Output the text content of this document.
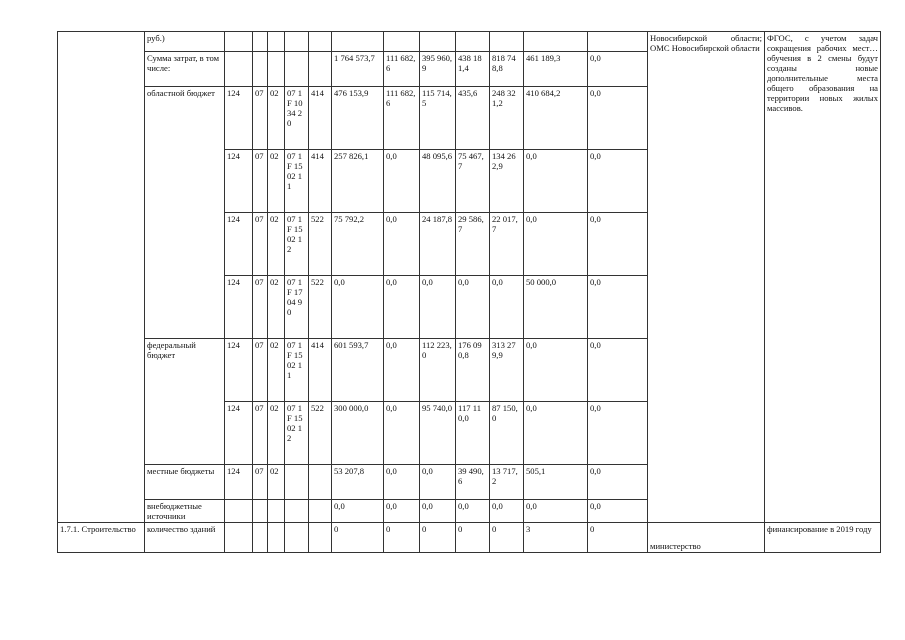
	руб.)													Новосибирской области; ОМС Новосибирской области	ФГОС, с учетом задач сокращения рабочих мест… обучения в 2 смены будут созданы новые дополнительные места общего образования на территории новых жилых массивов.
	Сумма затрат, в том числе:						1 764 573,7	111 682,6	395 960,9	438 181,4	818 748,8	461 189,3	0,0		
	областной бюджет	124	07	02	07 1F 10 34 20	414	476 153,9	111 682,6	115 714,5	435,6	248 321,2	410 684,2	0,0		
		124	07	02	07 1F 15 02 11	414	257 826,1	0,0	48 095,6	75 467,7	134 262,9	0,0	0,0		
		124	07	02	07 1F 15 02 12	522	75 792,2	0,0	24 187,8	29 586,7	22 017,7	0,0	0,0		
		124	07	02	07 1F 17 04 90	522	0,0	0,0	0,0	0,0	0,0	50 000,0	0,0		
	федеральный бюджет	124	07	02	07 1F 15 02 11	414	601 593,7	0,0	112 223,0	176 090,8	313 279,9	0,0	0,0		
		124	07	02	07 1F 15 02 12	522	300 000,0	0,0	95 740,0	117 110,0	87 150,0	0,0	0,0		
	местные бюджеты	124	07	02			53 207,8	0,0	0,0	39 490,6	13 717,2	505,1	0,0		
	внебюджетные источники						0,0	0,0	0,0	0,0	0,0	0,0	0,0		
1.7.1. Строительство	количество зданий						0	0	0	0	0	3	0	министерство	финансирование в 2019 году
